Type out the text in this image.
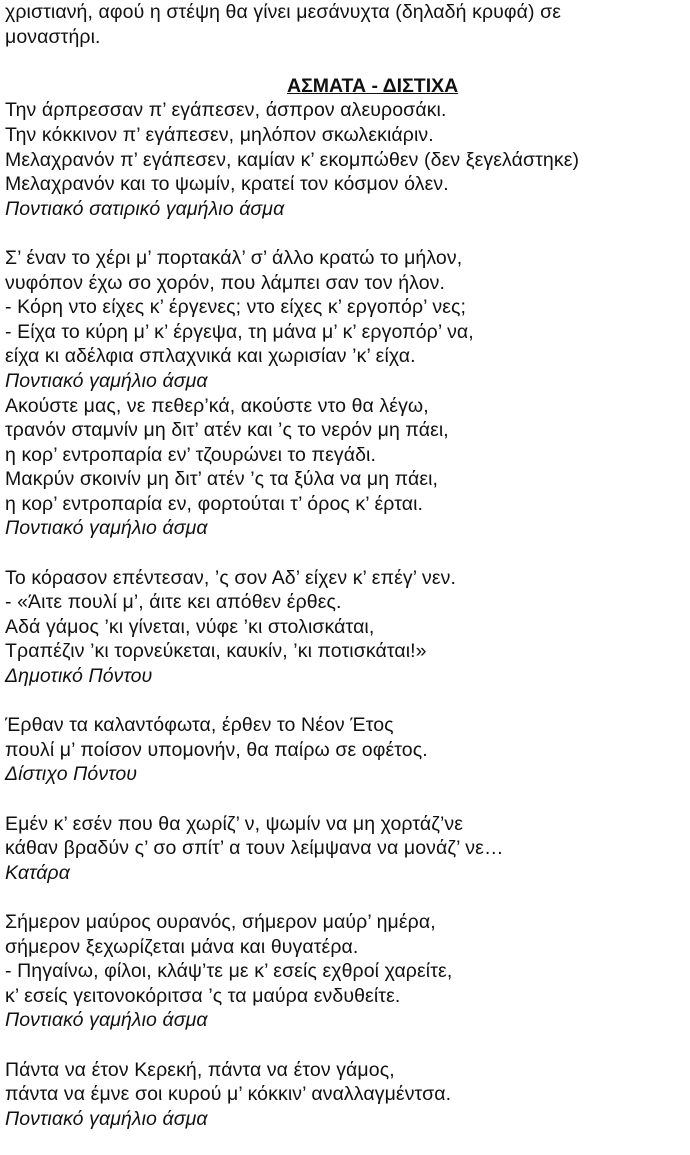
χριστιανή, αφού η στέψη θα γίνει μεσάνυχτα (δηλαδή κρυφά) σε
μοναστήρι.
ΑΣΜΑΤΑ - ΔΙΣΤΙΧΑ
Την άρπρεσσαν π’ εγάπεσεν, άσπρον αλευροσάκι.
Την κόκκινον π’ εγάπεσεν, μηλόπον σκωλεκιάριν.
Μελαχρανόν π’ εγάπεσεν, καμίαν κ’ εκομπώθεν (δεν ξεγελάστηκε)
Μελαχρανόν και το ψωμίν, κρατεί τον κόσμον όλεν.
Ποντιακό σατιρικό γαμήλιο άσμα
Σ’ έναν το χέρι μ’ πορτακάλ’ σ’ άλλο κρατώ το μήλον,
νυφόπον έχω σο χορόν, που λάμπει σαν τον ήλον.
- Κόρη ντο είχες κ’ έργενες; ντο είχες κ’ εργοπόρ’ νες;
- Είχα το κύρη μ’ κ’ έργεψα, τη μάνα μ’ κ’ εργοπόρ’ να,
είχα κι αδέλφια σπλαχνικά και χωρισίαν ’κ’ είχα.
Ποντιακό γαμήλιο άσμα
Ακούστε μας, νε πεθερ’κά, ακούστε ντο θα λέγω,
τρανόν σταμνίν μη διτ’ ατέν και ’ς το νερόν μη πάει,
η κορ’ εντροπαρία εν’ τζουρώνει το πεγάδι.
Μακρύν σκοινίν μη διτ’ ατέν ’ς τα ξύλα να μη πάει,
η κορ’ εντροπαρία εν, φορτούται τ’ όρος κ’ έρται.
Ποντιακό γαμήλιο άσμα
Το κόρασον επέντεσαν, ’ς σον Αδ’ είχεν κ’ επέγ’ νεν.
- «Άιτε πουλί μ’, άιτε κει απόθεν έρθες.
Αδά γάμος ’κι γίνεται, νύφε ’κι στολισκάται,
Τραπέζιν ’κι τορνεύκεται, καυκίν, ’κι ποτισκάται!»
Δημοτικό Πόντου
Έρθαν τα καλαντόφωτα, έρθεν το Νέον Έτος
πουλί μ’ ποίσον υπομονήν, θα παίρω σε οφέτος.
Δίστιχο Πόντου
Εμέν κ’ εσέν που θα χωρίζ’ ν, ψωμίν να μη χορτάζ’νε
κάθαν βραδύν ς’ σο σπίτ’ α τουν λείμψανα να μονάζ’ νε…
Κατάρα
Σήμερον μαύρος ουρανός, σήμερον μαύρ’ ημέρα,
σήμερον ξεχωρίζεται μάνα και θυγατέρα.
- Πηγαίνω, φίλοι, κλάψ’τε με κ’ εσείς εχθροί χαρείτε,
κ’ εσείς γειτονοκόριτσα ’ς τα μαύρα ενδυθείτε.
Ποντιακό γαμήλιο άσμα
Πάντα να έτον Κερεκή, πάντα να έτον γάμος,
πάντα να έμνε σοι κυρού μ’ κόκκιν’ αναλλαγμέντσα.
Ποντιακό γαμήλιο άσμα
